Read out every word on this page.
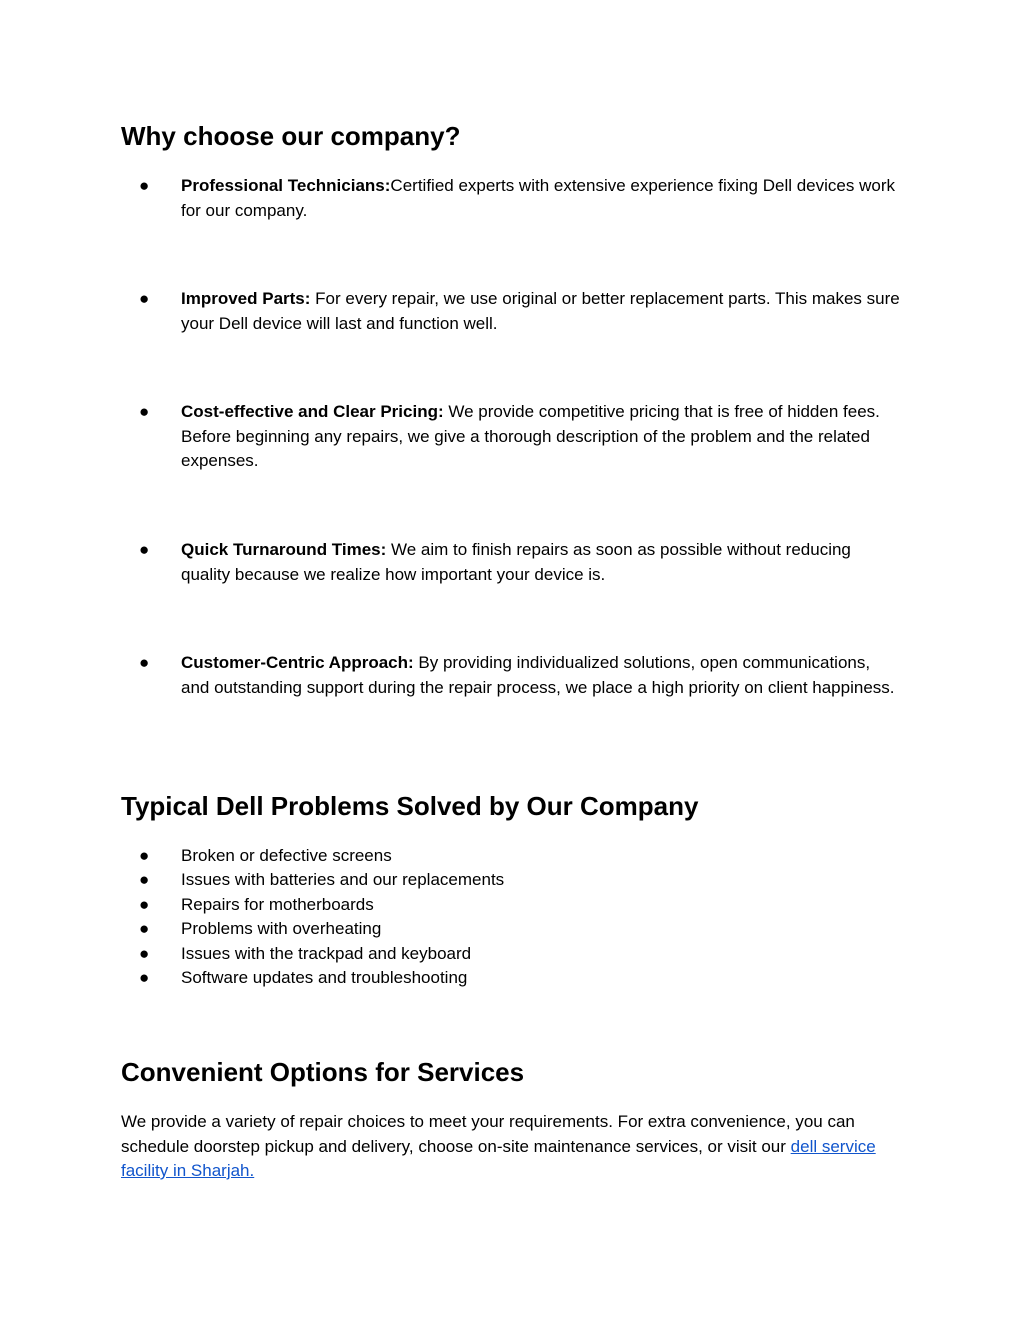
Why choose our company?
●	Professional Technicians:Certified experts with extensive experience fixing Dell devices work for our company.
●	Improved Parts: For every repair, we use original or better replacement parts. This makes sure your Dell device will last and function well.
●	Cost-effective and Clear Pricing: We provide competitive pricing that is free of hidden fees. Before beginning any repairs, we give a thorough description of the problem and the related expenses.
●	Quick Turnaround Times: We aim to finish repairs as soon as possible without reducing quality because we realize how important your device is.
●	Customer-Centric Approach: By providing individualized solutions, open communications, and outstanding support during the repair process, we place a high priority on client happiness.
Typical Dell Problems Solved by Our Company
● Broken or defective screens
● Issues with batteries and our replacements
● Repairs for motherboards
● Problems with overheating
● Issues with the trackpad and keyboard
● Software updates and troubleshooting
Convenient Options for Services
We provide a variety of repair choices to meet your requirements. For extra convenience, you can schedule doorstep pickup and delivery, choose on-site maintenance services, or visit our dell service facility in Sharjah.
